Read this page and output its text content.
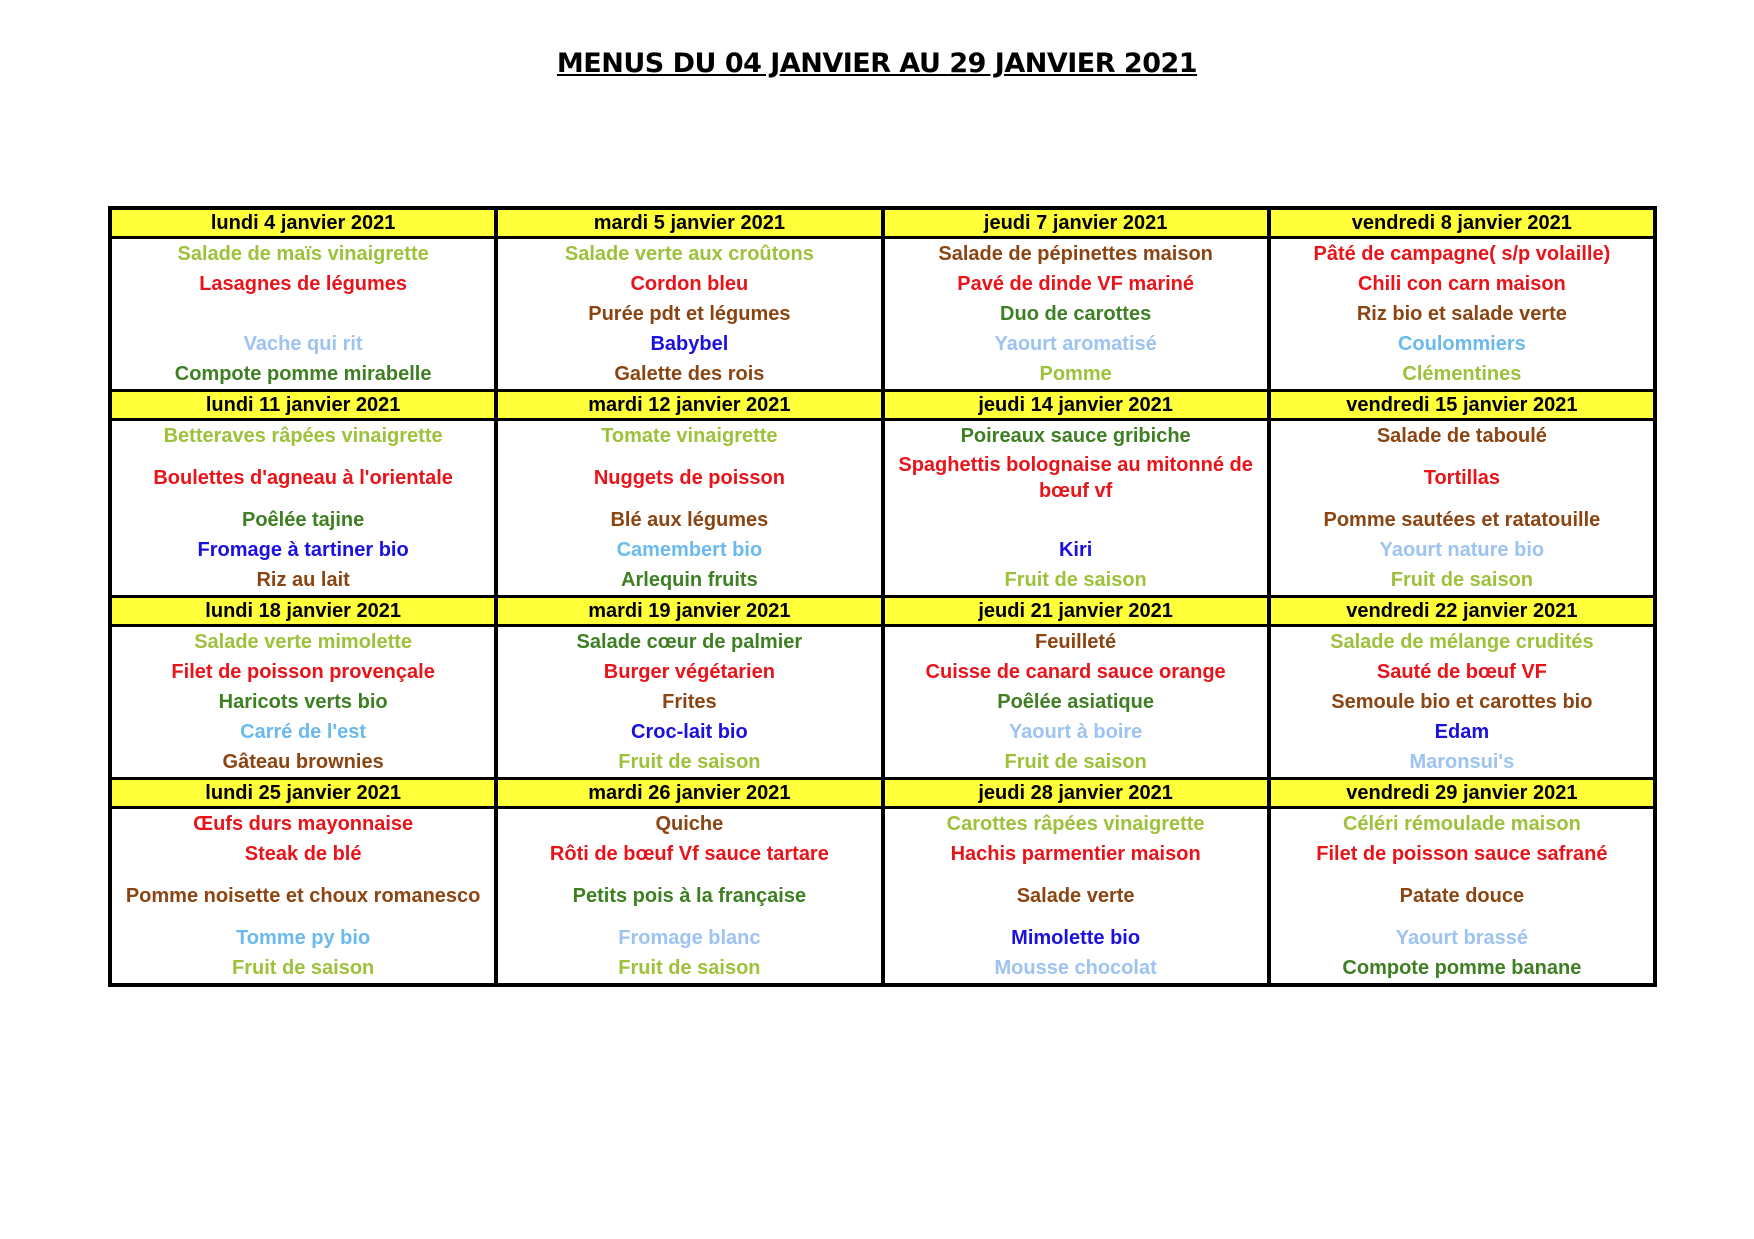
MENUS DU 04 JANVIER AU 29 JANVIER 2021
lundi 4 janvier 2021	mardi 5 janvier 2021	jeudi 7 janvier 2021	vendredi 8 janvier 2021
Salade de maïs vinaigrette	Salade verte aux croûtons	Salade de pépinettes maison	Pâté de campagne( s/p volaille)
Lasagnes de légumes	Cordon bleu	Pavé de dinde VF mariné	Chili con carn maison
	Purée pdt et légumes	Duo de carottes	Riz bio et salade verte
Vache qui rit	Babybel	Yaourt aromatisé	Coulommiers
Compote pomme mirabelle	Galette des rois	Pomme	Clémentines
lundi 11 janvier 2021	mardi 12 janvier 2021	jeudi 14 janvier 2021	vendredi 15 janvier 2021
Betteraves râpées vinaigrette	Tomate vinaigrette	Poireaux sauce gribiche	Salade de taboulé
Boulettes d'agneau à l'orientale	Nuggets de poisson	Spaghettis bolognaise au mitonné de bœuf vf	Tortillas
Poêlée tajine	Blé aux légumes		Pomme sautées et ratatouille
Fromage à tartiner bio	Camembert bio	Kiri	Yaourt nature bio
Riz au lait	Arlequin fruits	Fruit de saison	Fruit de saison
lundi 18 janvier 2021	mardi 19 janvier 2021	jeudi 21 janvier 2021	vendredi 22 janvier 2021
Salade verte mimolette	Salade cœur de palmier	Feuilleté	Salade de mélange crudités
Filet de poisson provençale	Burger végétarien	Cuisse de canard sauce orange	Sauté de bœuf VF
Haricots verts bio	Frites	Poêlée asiatique	Semoule bio et carottes bio
Carré de l'est	Croc-lait bio	Yaourt à boire	Edam
Gâteau brownies	Fruit de saison	Fruit de saison	Maronsui's
lundi 25 janvier 2021	mardi 26 janvier 2021	jeudi 28 janvier 2021	vendredi 29 janvier 2021
Œufs durs mayonnaise	Quiche	Carottes râpées vinaigrette	Céléri rémoulade maison
Steak de blé	Rôti de bœuf Vf sauce tartare	Hachis parmentier maison	Filet de poisson sauce safrané
Pomme noisette et choux romanesco	Petits pois à la française	Salade verte	Patate douce
Tomme py bio	Fromage blanc	Mimolette bio	Yaourt brassé
Fruit de saison	Fruit de saison	Mousse chocolat	Compote pomme banane
